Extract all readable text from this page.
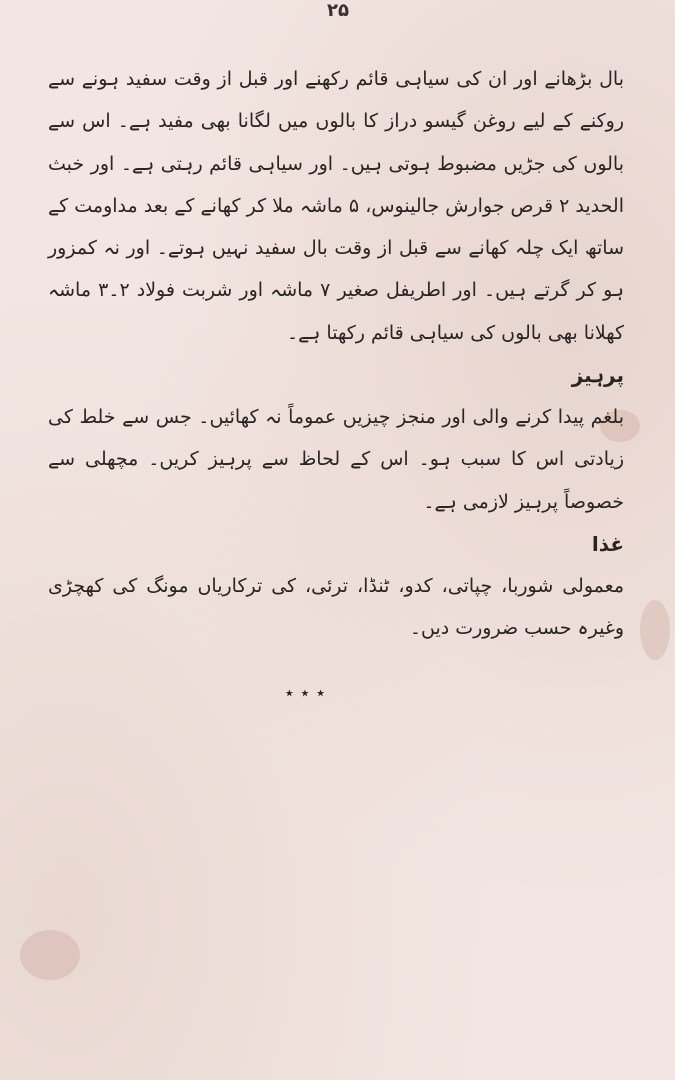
۲۵

بال بڑھانے اور ان کی سیاہی قائم رکھنے اور قبل از وقت سفید ہونے سے روکنے کے لیے روغن گیسو دراز کا بالوں میں لگانا بھی مفید ہے۔ اس سے بالوں کی جڑیں مضبوط ہوتی ہیں۔ اور سیاہی قائم رہتی ہے۔ اور خبث الحدید ۲ قرص جوارش جالینوس، ۵ ماشہ ملا کر کھانے کے بعد مداومت کے ساتھ ایک چلہ کھانے سے قبل از وقت بال سفید نہیں ہوتے۔ اور نہ کمزور ہو کر گرتے ہیں۔ اور اطریفل صغیر ۷ ماشہ اور شربت فولاد ۲۔۳ ماشہ کھلانا بھی بالوں کی سیاہی قائم رکھتا ہے۔

پرہیز

بلغم پیدا کرنے والی اور منجز چیزیں عموماً نہ کھائیں۔ جس سے خلط کی زیادتی اس کا سبب ہو۔ اس کے لحاظ سے پرہیز کریں۔ مچھلی سے خصوصاً پرہیز لازمی ہے۔

غذا

معمولی شوربا، چپاتی، کدو، ٹنڈا، ترئی، کی ترکاریاں مونگ کی کھچڑی وغیرہ حسب ضرورت دیں۔

٭ ٭ ٭
